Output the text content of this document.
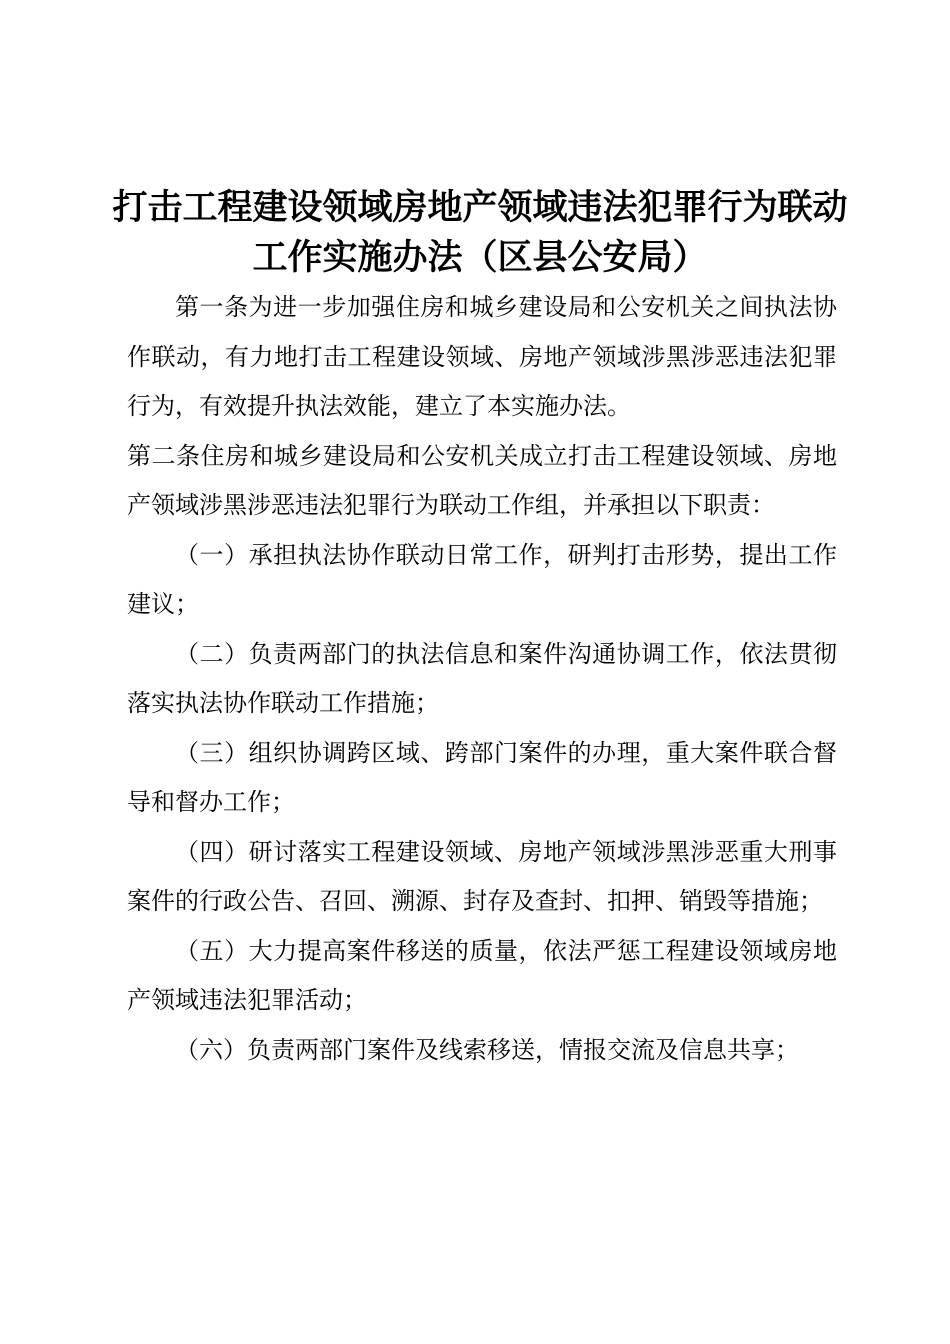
打击工程建设领域房地产领域违法犯罪行为联动工作实施办法（区县公安局）

第一条为进一步加强住房和城乡建设局和公安机关之间执法协作联动，有力地打击工程建设领域、房地产领域涉黑涉恶违法犯罪行为，有效提升执法效能，建立了本实施办法。

第二条住房和城乡建设局和公安机关成立打击工程建设领域、房地产领域涉黑涉恶违法犯罪行为联动工作组，并承担以下职责：

（一）承担执法协作联动日常工作，研判打击形势，提出工作建议；

（二）负责两部门的执法信息和案件沟通协调工作，依法贯彻落实执法协作联动工作措施；

（三）组织协调跨区域、跨部门案件的办理，重大案件联合督导和督办工作；

（四）研讨落实工程建设领域、房地产领域涉黑涉恶重大刑事案件的行政公告、召回、溯源、封存及查封、扣押、销毁等措施；

（五）大力提高案件移送的质量，依法严惩工程建设领域房地产领域违法犯罪活动；

（六）负责两部门案件及线索移送，情报交流及信息共享；
